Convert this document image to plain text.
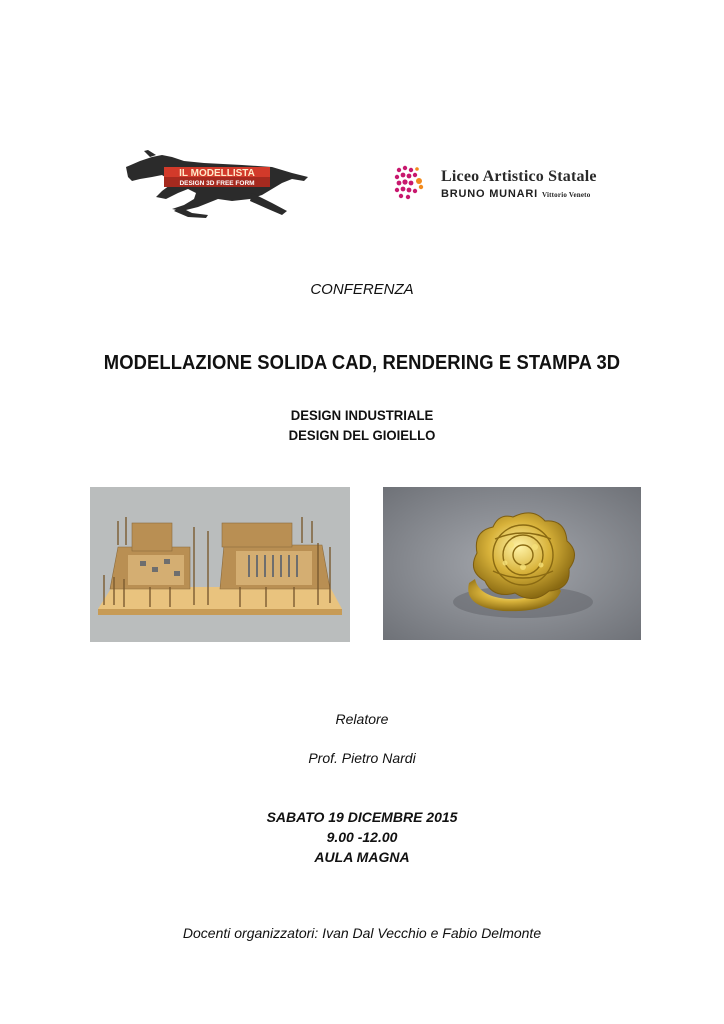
IL MODELLISTA
DESIGN 3D FREE FORM	Liceo Artistico Statale
BRUNO MUNARI Vittorio Veneto
CONFERENZA
MODELLAZIONE SOLIDA CAD, RENDERING E STAMPA 3D
DESIGN INDUSTRIALE
DESIGN DEL GIOIELLO
Relatore
Prof. Pietro Nardi
SABATO 19 DICEMBRE 2015
9.00 -12.00
AULA MAGNA
Docenti organizzatori: Ivan Dal Vecchio e Fabio Delmonte
